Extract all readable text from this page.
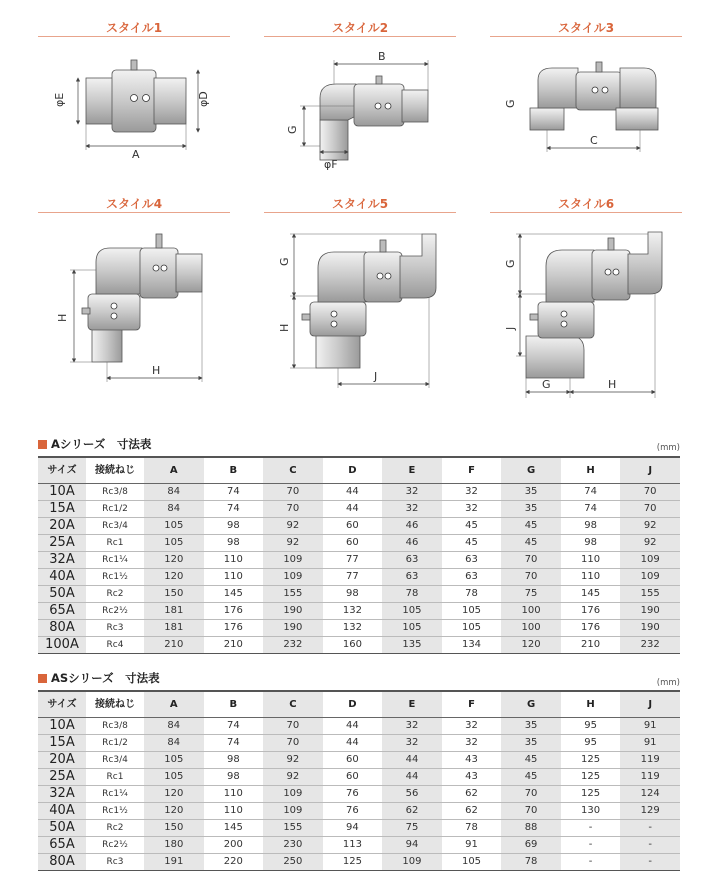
スタイル1
φE	φD
A
スタイル2
B
G
φF
スタイル3
G
C
スタイル4
H
H
スタイル5
G
H
J
スタイル6
G
J
G	H
Aシリーズ　寸法表	(mm)
サイズ	接続ねじ	A	B	C	D	E	F	G	H	J
10A	Rc3/8	84	74	70	44	32	32	35	74	70
15A	Rc1/2	84	74	70	44	32	32	35	74	70
20A	Rc3/4	105	98	92	60	46	45	45	98	92
25A	Rc1	105	98	92	60	46	45	45	98	92
32A	Rc1¼	120	110	109	77	63	63	70	110	109
40A	Rc1½	120	110	109	77	63	63	70	110	109
50A	Rc2	150	145	155	98	78	78	75	145	155
65A	Rc2½	181	176	190	132	105	105	100	176	190
80A	Rc3	181	176	190	132	105	105	100	176	190
100A	Rc4	210	210	232	160	135	134	120	210	232
ASシリーズ　寸法表	(mm)
サイズ	接続ねじ	A	B	C	D	E	F	G	H	J
10A	Rc3/8	84	74	70	44	32	32	35	95	91
15A	Rc1/2	84	74	70	44	32	32	35	95	91
20A	Rc3/4	105	98	92	60	44	43	45	125	119
25A	Rc1	105	98	92	60	44	43	45	125	119
32A	Rc1¼	120	110	109	76	56	62	70	125	124
40A	Rc1½	120	110	109	76	62	62	70	130	129
50A	Rc2	150	145	155	94	75	78	88	-	-
65A	Rc2½	180	200	230	113	94	91	69	-	-
80A	Rc3	191	220	250	125	109	105	78	-	-
